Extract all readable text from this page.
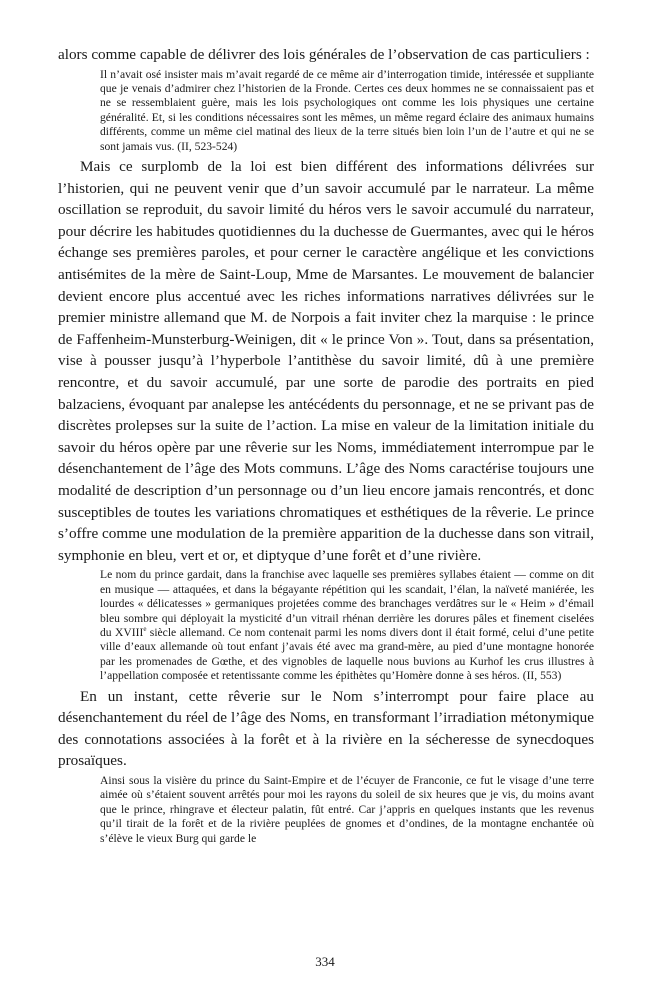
alors comme capable de délivrer des lois générales de l’observation de cas particuliers :

Il n’avait osé insister mais m’avait regardé de ce même air d’interrogation timide, intéressée et suppliante que je venais d’admirer chez l’historien de la Fronde. Certes ces deux hommes ne se connaissaient pas et ne se ressemblaient guère, mais les lois psychologiques ont comme les lois physiques une certaine généralité. Et, si les conditions nécessaires sont les mêmes, un même regard éclaire des animaux humains différents, comme un même ciel matinal des lieux de la terre situés bien loin l’un de l’autre et qui ne se sont jamais vus. (II, 523-524)

Mais ce surplomb de la loi est bien différent des informations délivrées sur l’historien, qui ne peuvent venir que d’un savoir accumulé par le narrateur. La même oscillation se reproduit, du savoir limité du héros vers le savoir accumulé du narrateur, pour décrire les habitudes quotidiennes du la duchesse de Guermantes, avec qui le héros échange ses premières paroles, et pour cerner le caractère angélique et les convictions antisémites de la mère de Saint-Loup, Mme de Marsantes. Le mouvement de balancier devient encore plus accentué avec les riches informations narratives délivrées sur le premier ministre allemand que M. de Norpois a fait inviter chez la marquise : le prince de Faffenheim-Munsterburg-Weinigen, dit « le prince Von ». Tout, dans sa présentation, vise à pousser jusqu’à l’hyperbole l’antithèse du savoir limité, dû à une première rencontre, et du savoir accumulé, par une sorte de parodie des portraits en pied balzaciens, évoquant par analepse les antécédents du personnage, et ne se privant pas de discrètes prolepses sur la suite de l’action. La mise en valeur de la limitation initiale du savoir du héros opère par une rêverie sur les Noms, immédiatement interrompue par le désenchantement de l’âge des Mots communs. L’âge des Noms caractérise toujours une modalité de description d’un personnage ou d’un lieu encore jamais rencontrés, et donc susceptibles de toutes les variations chromatiques et esthétiques de la rêverie. Le prince s’offre comme une modulation de la première apparition de la duchesse dans son vitrail, symphonie en bleu, vert et or, et diptyque d’une forêt et d’une rivière.

Le nom du prince gardait, dans la franchise avec laquelle ses premières syllabes étaient — comme on dit en musique — attaquées, et dans la bégayante répétition qui les scandait, l’élan, la naïveté maniérée, les lourdes « délicatesses » germaniques projetées comme des branchages verdâtres sur le « Heim » d’émail bleu sombre qui déployait la mysticité d’un vitrail rhénan derrière les dorures pâles et finement ciselées du XVIIIe siècle allemand. Ce nom contenait parmi les noms divers dont il était formé, celui d’une petite ville d’eaux allemande où tout enfant j’avais été avec ma grand-mère, au pied d’une montagne honorée par les promenades de Gœthe, et des vignobles de laquelle nous buvions au Kurhof les crus illustres à l’appellation composée et retentissante comme les épithètes qu’Homère donne à ses héros. (II, 553)

En un instant, cette rêverie sur le Nom s’interrompt pour faire place au désenchantement du réel de l’âge des Noms, en transformant l’irradiation métonymique des connotations associées à la forêt et à la rivière en la sécheresse de synecdoques prosaïques.

Ainsi sous la visière du prince du Saint-Empire et de l’écuyer de Franconie, ce fut le visage d’une terre aimée où s’étaient souvent arrêtés pour moi les rayons du soleil de six heures que je vis, du moins avant que le prince, rhingrave et électeur palatin, fût entré. Car j’appris en quelques instants que les revenus qu’il tirait de la forêt et de la rivière peuplées de gnomes et d’ondines, de la montagne enchantée où s’élève le vieux Burg qui garde le

334
